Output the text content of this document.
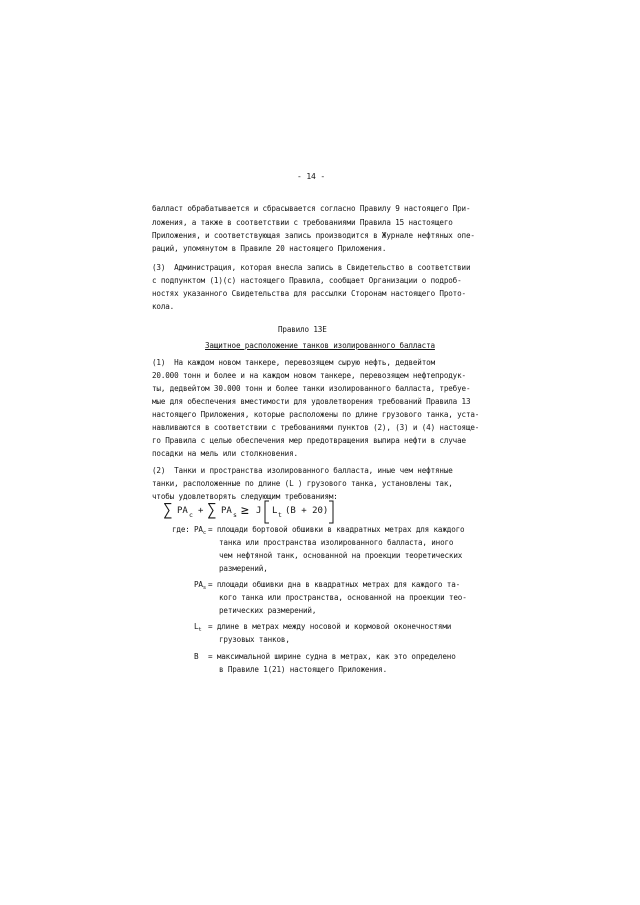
- 14 -
балласт обрабатывается и сбрасывается согласно Правилу 9 настоящего При-
ложения, а также в соответствии с требованиями Правила 15 настоящего
Приложения, и соответствующая запись производится в Журнале нефтяных опе-
раций, упомянутом в Правиле 20 настоящего Приложения.
(3)  Администрация, которая внесла запись в Свидетельство в соответствии
с подпунктом (1)(с) настоящего Правила, сообщает Организации о подроб-
ностях указанного Свидетельства для рассылки Сторонам настоящего Прото-
кола.
Правило 13Е
Защитное расположение танков изолированного балласта
(1)  На каждом новом танкере, перевозящем сырую нефть, дедвейтом
20.000 тонн и более и на каждом новом танкере, перевозящем нефтепродук-
ты, дедвейтом 30.000 тонн и более танки изолированного балласта, требуе-
мые для обеспечения вместимости для удовлетворения требований Правила 13
настоящего Приложения, которые расположены по длине грузового танка, уста-
навливаются в соответствии с требованиями пунктов (2), (3) и (4) настояще-
го Правила с целью обеспечения мер предотвращения выпира нефти в случае
посадки на мель или столкновения.
(2)  Танки и пространства изолированного балласта, иные чем нефтяные
танки, расположенные по длине (L ) грузового танка, установлены так,
чтобы удовлетворять следующим требованиям:
∑ PA c + ∑ PA s ≥ J L t (B + 20)
где: $PA_c$ = площади бортовой обшивки в квадратных метрах для каждого
танка или пространства изолированного балласта, иного
чем нефтяной танк, основанной на проекции теоретических
размерений,
$PA_s$ = площади обшивки дна в квадратных метрах для каждого та-
кого танка или пространства, основанной на проекции тео-
ретических размерений,
$L_t$ = длине в метрах между носовой и кормовой оконечностями
грузовых танков,
B = максимальной ширине судна в метрах, как это определено
в Правиле 1(21) настоящего Приложения.
